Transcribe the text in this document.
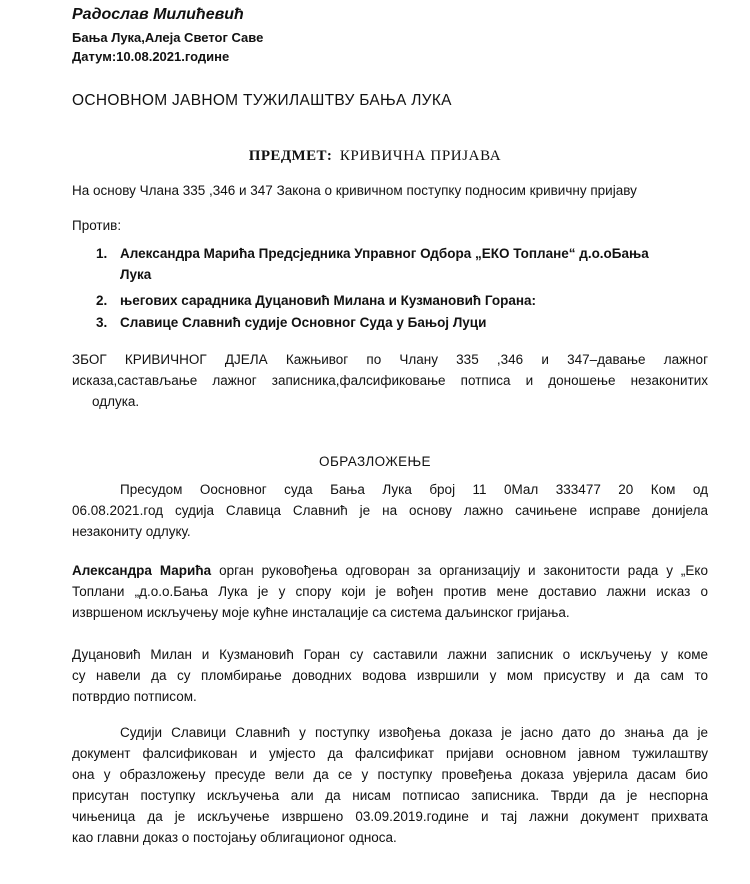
Радослав Милићевић
Бања Лука,Алеја Светог Саве
Датум:10.08.2021.године
ОСНОВНОМ ЈАВНОМ ТУЖИЛАШТВУ БАЊА ЛУКА
ПРЕДМЕТ: КРИВИЧНА ПРИЈАВА
На основу Члана 335 ,346 и 347 Закона о кривичном поступку подносим кривичну пријаву
Против:
1. Александра Марића Предсједника Управног Одбора „ЕКО Топлане“ д.о.оБања
Лука
2. његових сарадника Дуцановић Милана и Кузмановић Горана:
3. Славице Славнић судије Основног Суда у Бањој Луци
ЗБОГ КРИВИЧНОГ ДЈЕЛА Кажњивог по Члану 335 ,346 и 347–давање лажног
исказа,састављање лажног записника,фалсификовање потписа и доношење незаконитих
одлука.
ОБРАЗЛОЖЕЊЕ
Пресудом Оосновног суда Бања Лука број 11 0Мал 333477 20 Ком од
06.08.2021.год судија Славица Славнић је на основу лажно сачињене исправе донијела
незакониту одлуку.
Александра Марића орган руковођења одговоран за организацију и законитости рада у „Еко
Топлани „д.о.о.Бања Лука је у спору који је вођен против мене доставио лажни исказ о
извршеном искључењу моје кућне инсталације са система даљинског гријања.
Дуцановић Милан и Кузмановић Горан су саставили лажни записник о искључењу у коме
су навели да су пломбирање доводних водова извршили у мом присуству и да сам то
потврдио потписом.
Судији Славици Славнић у поступку извођења доказа је јасно дато до знања да је
документ фалсификован и умјесто да фалсификат пријави основном јавном тужилаштву
она у образложењу пресуде вели да се у поступку провеђења доказа увјерила дасам био
присутан поступку искључења али да нисам потписао записника. Тврди да је неспорна
чињеница да је искључење извршено 03.09.2019.године и тај лажни документ прихвата
као главни доказ о постојању облигационог односа.
